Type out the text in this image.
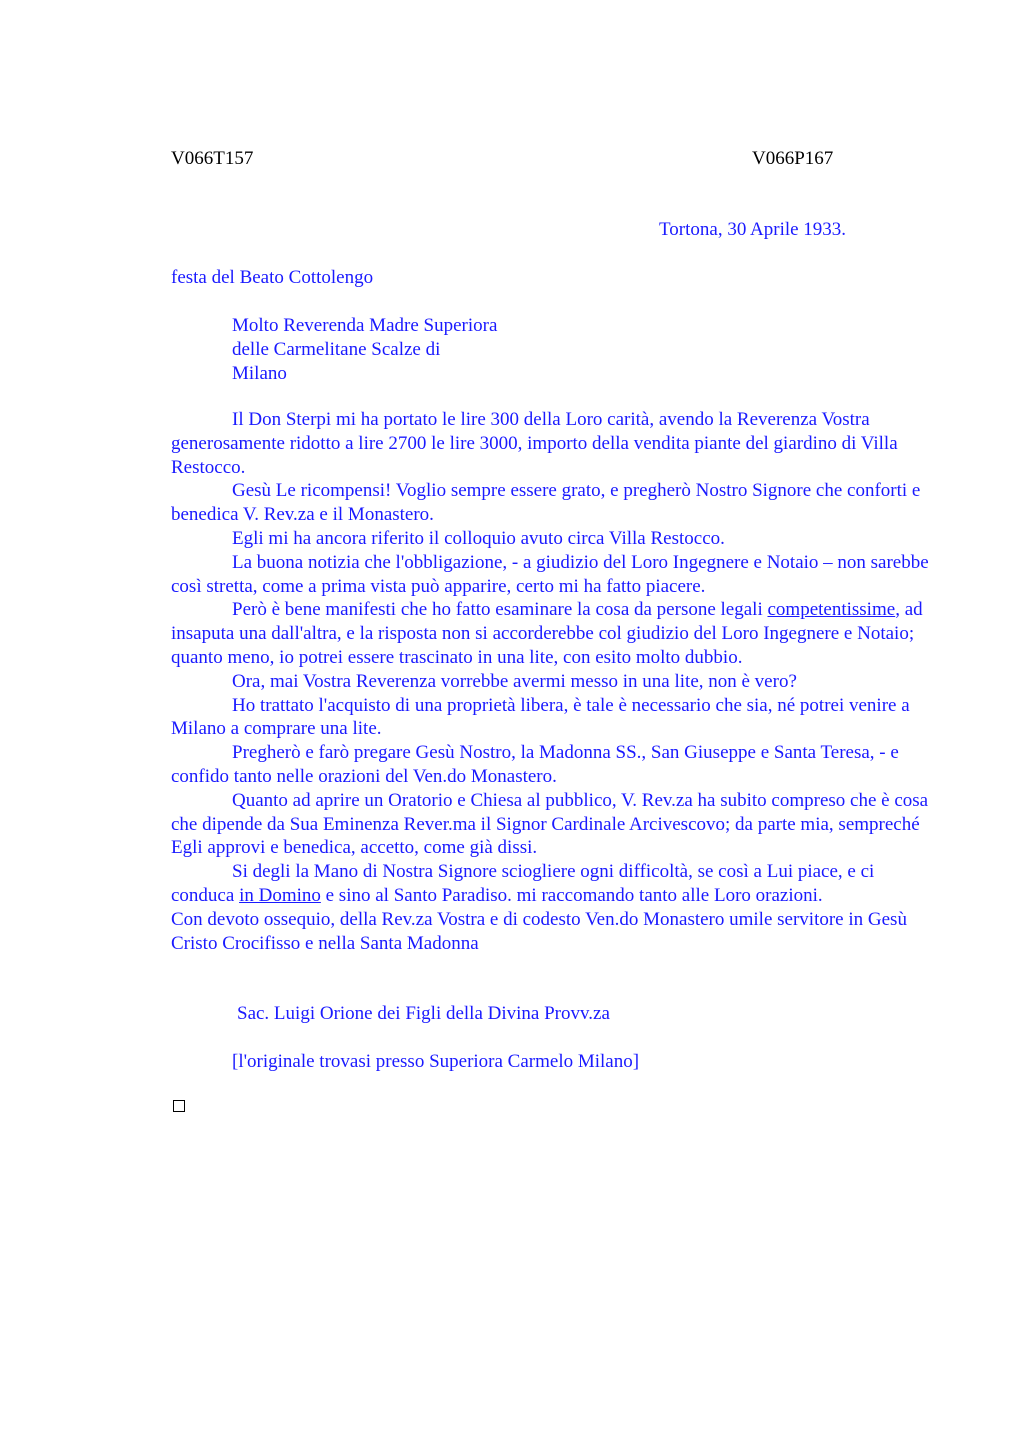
V066T157	V066P167
Tortona, 30 Aprile 1933.
festa del Beato Cottolengo
Molto Reverenda Madre Superiora
delle Carmelitane Scalze di
Milano

Il Don Sterpi mi ha portato le lire 300 della Loro carità, avendo la Reverenza Vostra generosamente ridotto a lire 2700 le lire 3000, importo della vendita piante del giardino di Villa Restocco.

Gesù Le ricompensi! Voglio sempre essere grato, e pregherò Nostro Signore che conforti e benedica V. Rev.za e il Monastero.

Egli mi ha ancora riferito il colloquio avuto circa Villa Restocco.

La buona notizia che l'obbligazione, - a giudizio del Loro Ingegnere e Notaio – non sarebbe così stretta, come a prima vista può apparire, certo mi ha fatto piacere.

Però è bene manifesti che ho fatto esaminare la cosa da persone legali competentissime, ad insaputa una dall'altra, e la risposta non si accorderebbe col giudizio del Loro Ingegnere e Notaio; quanto meno, io potrei essere trascinato in una lite, con esito molto dubbio.

Ora, mai Vostra Reverenza vorrebbe avermi messo in una lite, non è vero?

Ho trattato l'acquisto di una proprietà libera, è tale è necessario che sia, né potrei venire a Milano a comprare una lite.

Pregherò e farò pregare Gesù Nostro, la Madonna SS., San Giuseppe e Santa Teresa, - e confido tanto nelle orazioni del Ven.do Monastero.

Quanto ad aprire un Oratorio e Chiesa al pubblico, V. Rev.za ha subito compreso che è cosa che dipende da Sua Eminenza Rever.ma il Signor Cardinale Arcivescovo; da parte mia, sempreché Egli approvi e benedica, accetto, come già dissi.

Si degli la Mano di Nostra Signore sciogliere ogni difficoltà, se così a Lui piace, e ci conduca in Domino e sino al Santo Paradiso. mi raccomando tanto alle Loro orazioni.

Con devoto ossequio, della Rev.za Vostra e di codesto Ven.do Monastero umile servitore in Gesù Cristo Crocifisso e nella Santa Madonna

Sac. Luigi Orione dei Figli della Divina Provv.za
[l'originale trovasi presso Superiora Carmelo Milano]
